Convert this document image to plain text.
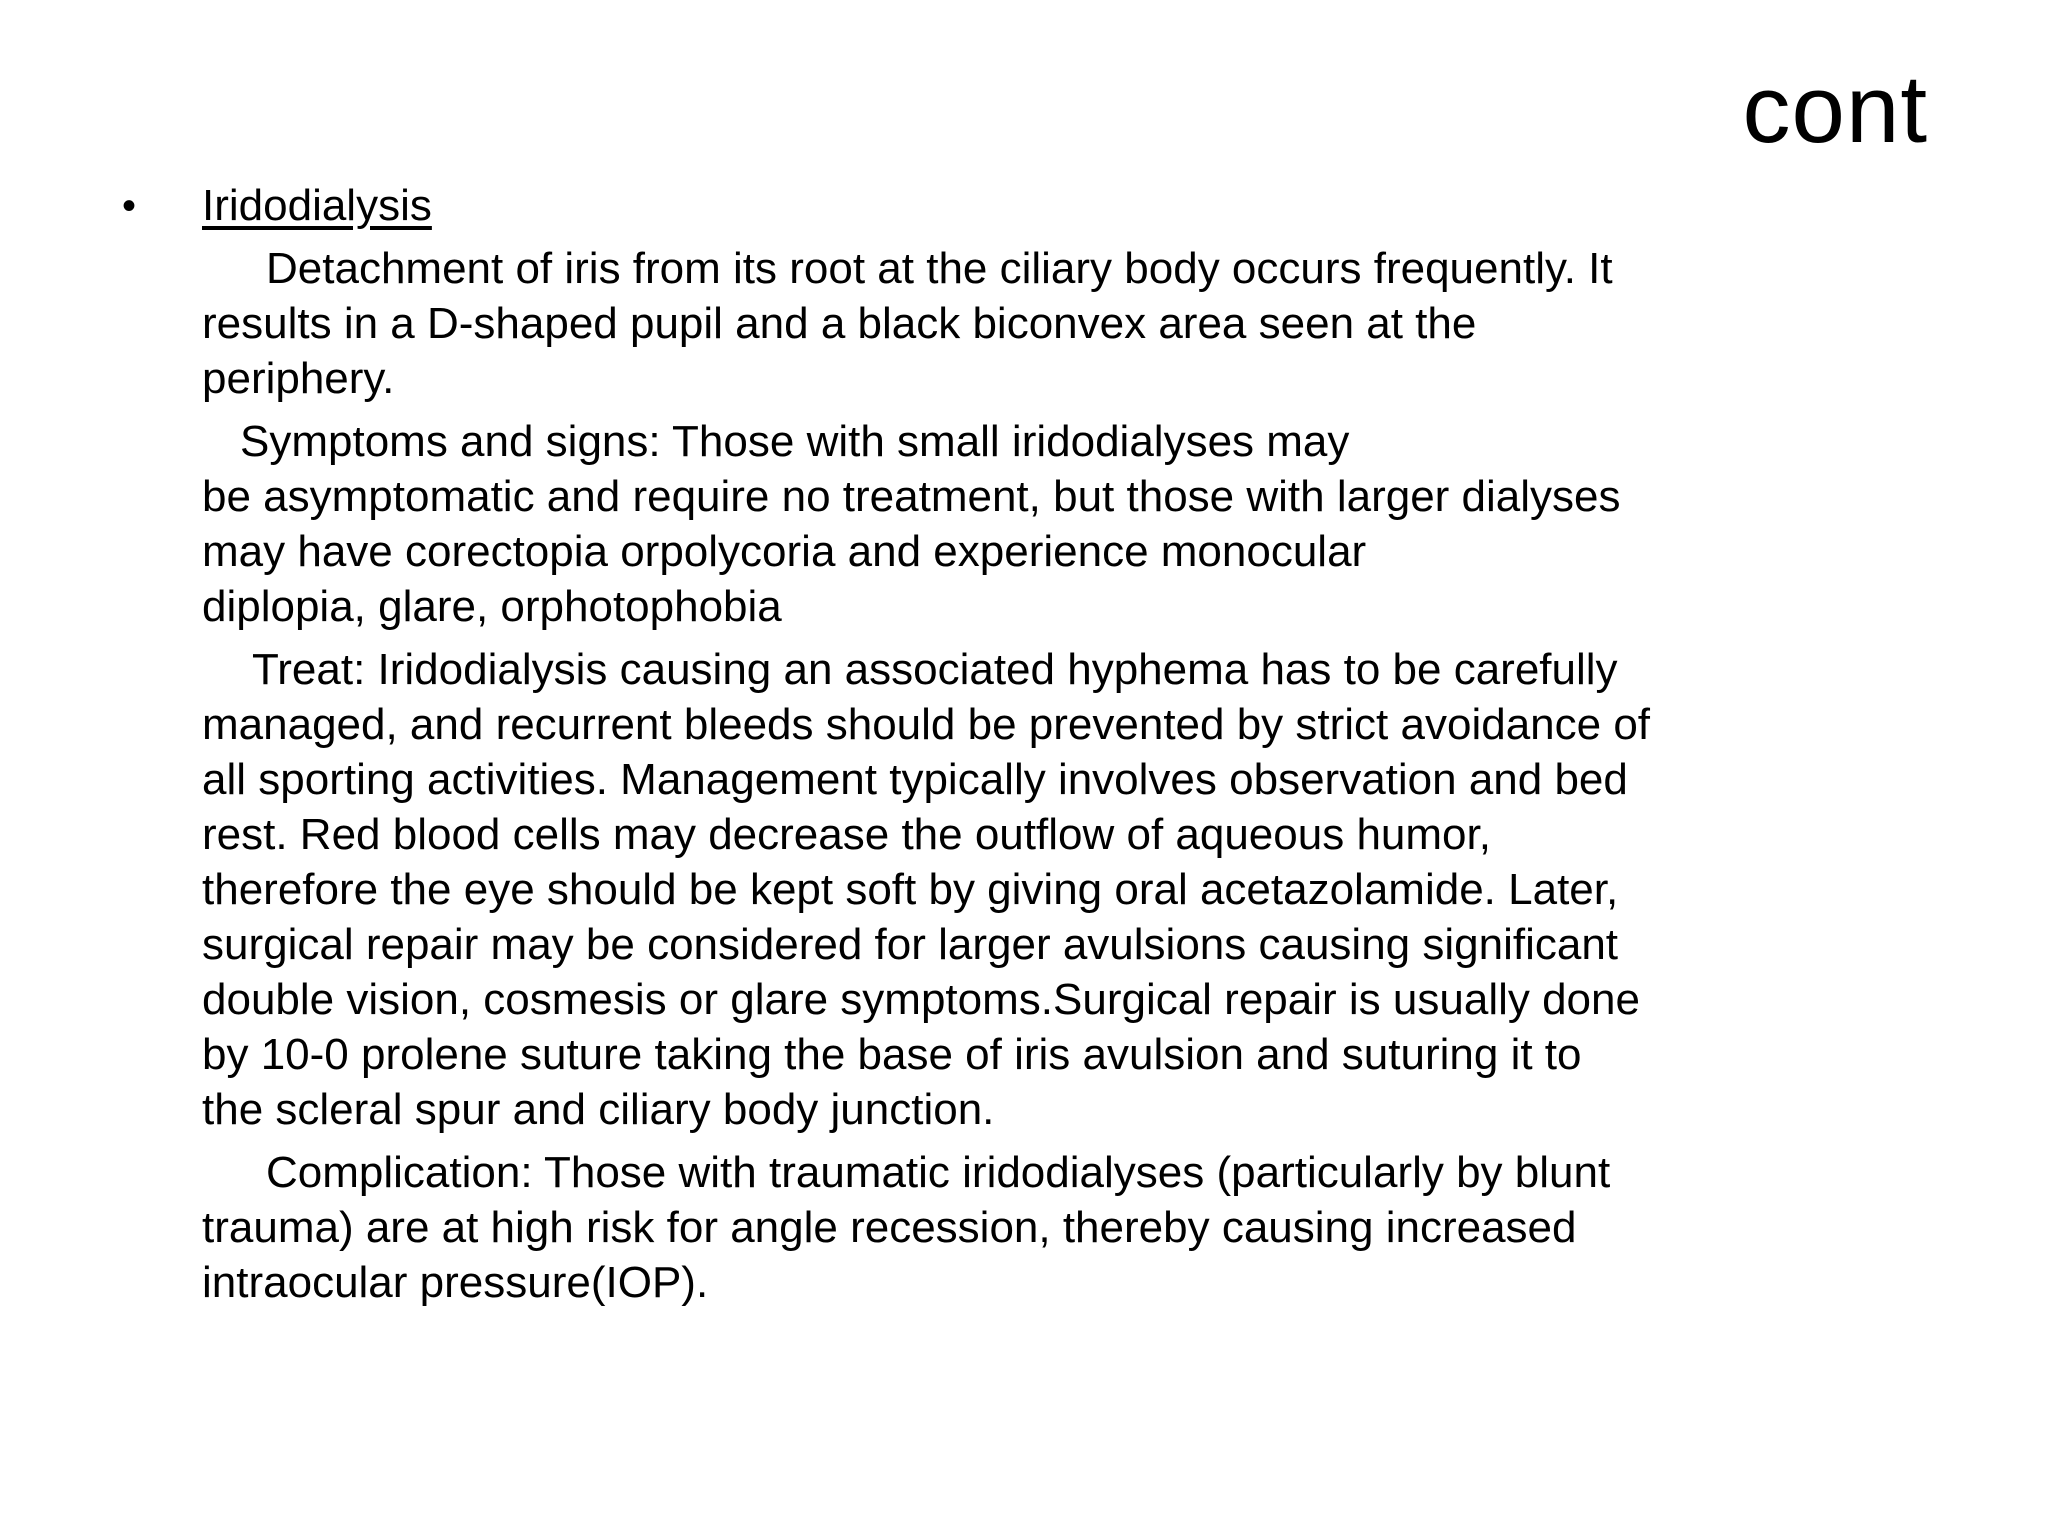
cont
• Iridodialysis
Detachment of iris from its root at the ciliary body occurs frequently. It
results in a D-shaped pupil and a black biconvex area seen at the
periphery.
Symptoms and signs: Those with small iridodialyses may
be asymptomatic and require no treatment, but those with larger dialyses
may have corectopia orpolycoria and experience monocular
diplopia, glare, orphotophobia
Treat: Iridodialysis causing an associated hyphema has to be carefully
managed, and recurrent bleeds should be prevented by strict avoidance of
all sporting activities. Management typically involves observation and bed
rest. Red blood cells may decrease the outflow of aqueous humor,
therefore the eye should be kept soft by giving oral acetazolamide. Later,
surgical repair may be considered for larger avulsions causing significant
double vision, cosmesis or glare symptoms.Surgical repair is usually done
by 10-0 prolene suture taking the base of iris avulsion and suturing it to
the scleral spur and ciliary body junction.
Complication: Those with traumatic iridodialyses (particularly by blunt
trauma) are at high risk for angle recession, thereby causing increased
intraocular pressure(IOP).
